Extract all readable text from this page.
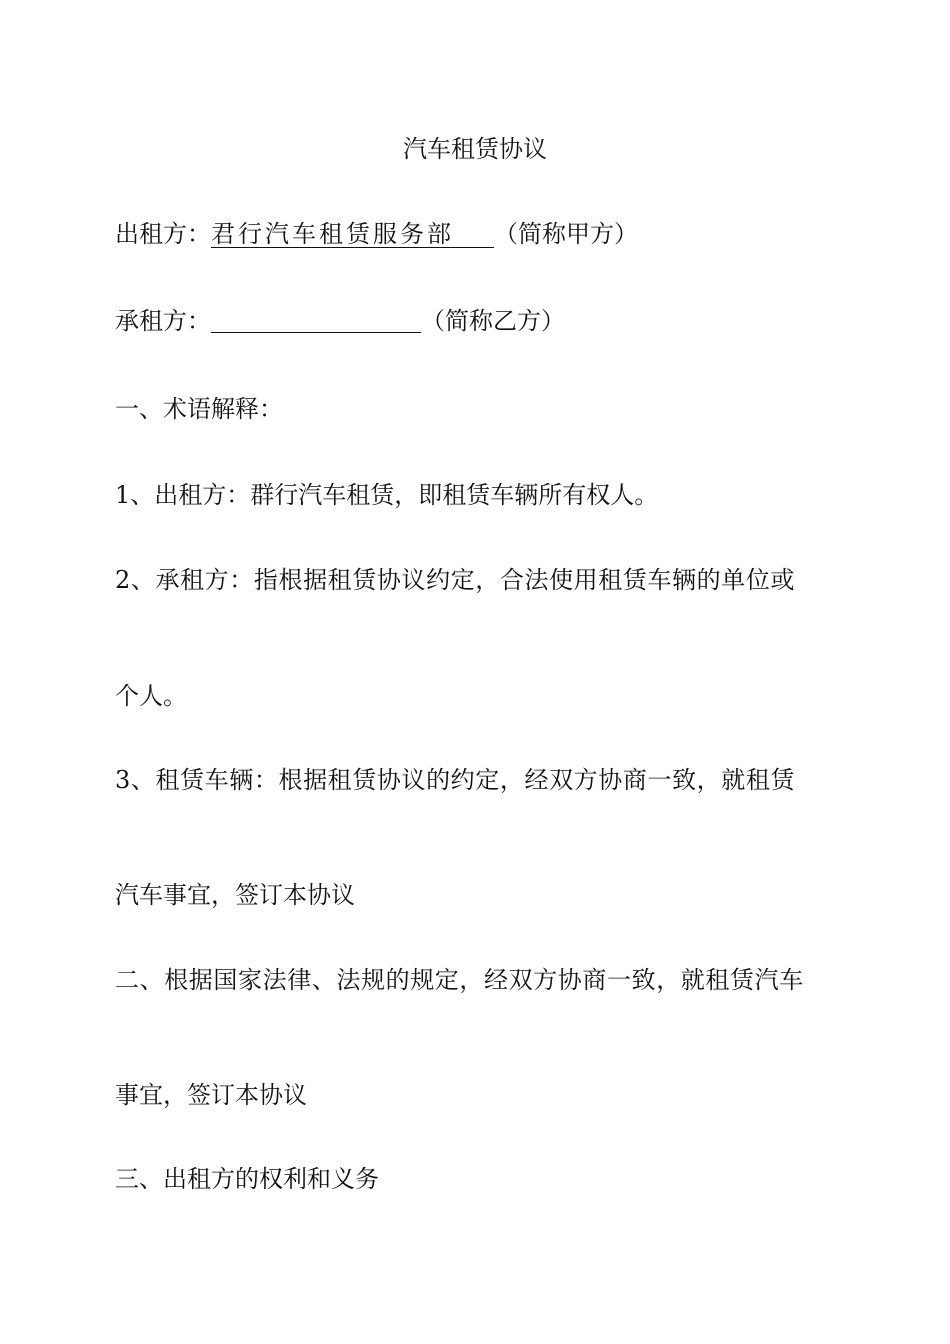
汽车租赁协议
出租方：君行汽车租赁服务部 （简称甲方）
承租方：	（简称乙方）
一、术语解释：
1、出租方：群行汽车租赁，即租赁车辆所有权人。
2、承租方：指根据租赁协议约定，合法使用租赁车辆的单位或
个人。
3、租赁车辆：根据租赁协议的约定，经双方协商一致，就租赁
汽车事宜，签订本协议
二、根据国家法律、法规的规定，经双方协商一致，就租赁汽车
事宜，签订本协议
三、出租方的权利和义务
